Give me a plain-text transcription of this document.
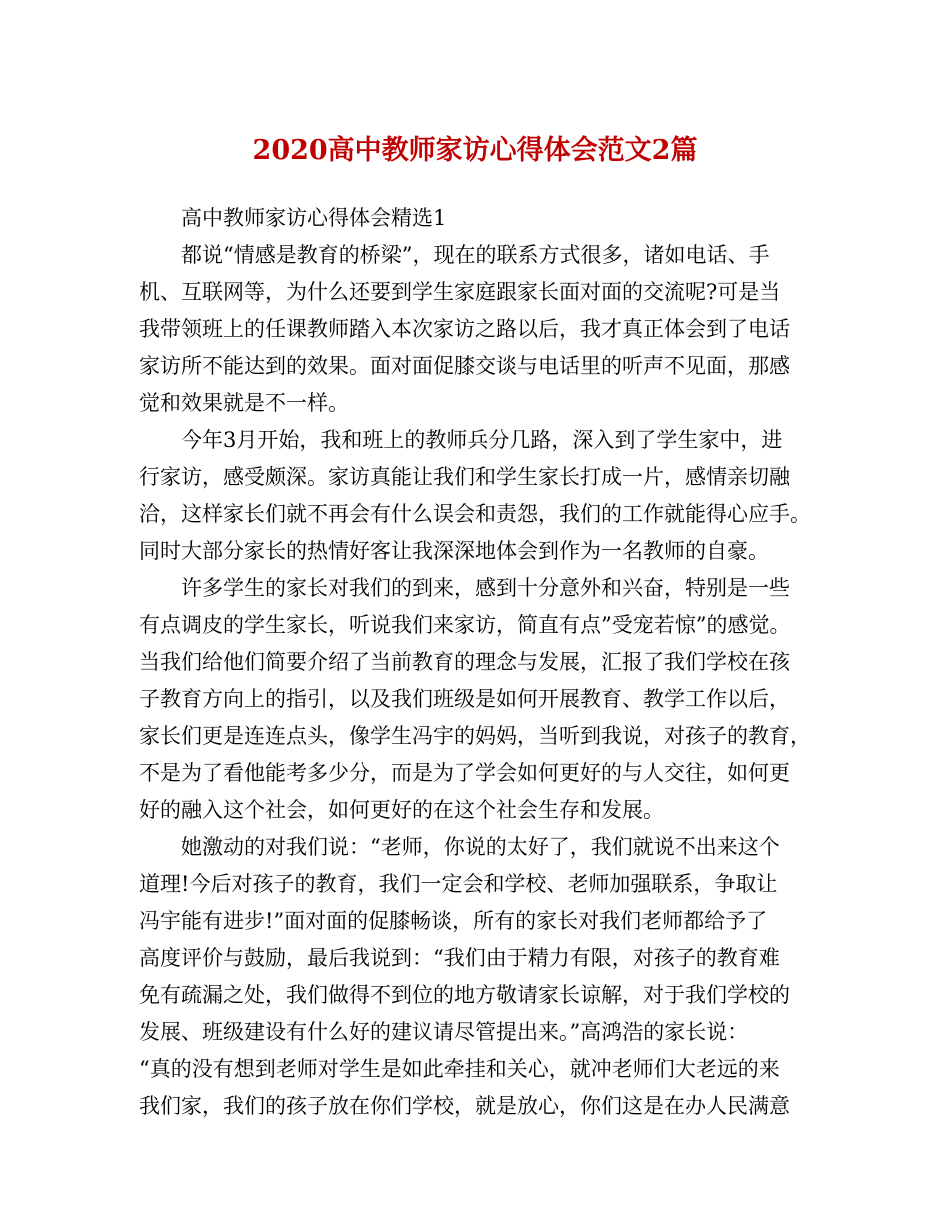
2020高中教师家访心得体会范文2篇
高中教师家访心得体会精选1
都说“情感是教育的桥梁”，现在的联系方式很多，诸如电话、手
机、互联网等，为什么还要到学生家庭跟家长面对面的交流呢?可是当
我带领班上的任课教师踏入本次家访之路以后，我才真正体会到了电话
家访所不能达到的效果。面对面促膝交谈与电话里的听声不见面，那感
觉和效果就是不一样。
今年3月开始，我和班上的教师兵分几路，深入到了学生家中，进
行家访，感受颇深。家访真能让我们和学生家长打成一片，感情亲切融
洽，这样家长们就不再会有什么误会和责怨，我们的工作就能得心应手。
同时大部分家长的热情好客让我深深地体会到作为一名教师的自豪。
许多学生的家长对我们的到来，感到十分意外和兴奋，特别是一些
有点调皮的学生家长，听说我们来家访，简直有点”受宠若惊”的感觉。
当我们给他们简要介绍了当前教育的理念与发展，汇报了我们学校在孩
子教育方向上的指引，以及我们班级是如何开展教育、教学工作以后，
家长们更是连连点头，像学生冯宇的妈妈，当听到我说，对孩子的教育，
不是为了看他能考多少分，而是为了学会如何更好的与人交往，如何更
好的融入这个社会，如何更好的在这个社会生存和发展。
她激动的对我们说：“老师，你说的太好了，我们就说不出来这个
道理!今后对孩子的教育，我们一定会和学校、老师加强联系，争取让
冯宇能有进步!”面对面的促膝畅谈，所有的家长对我们老师都给予了
高度评价与鼓励，最后我说到：“我们由于精力有限，对孩子的教育难
免有疏漏之处，我们做得不到位的地方敬请家长谅解，对于我们学校的
发展、班级建设有什么好的建议请尽管提出来。”高鸿浩的家长说：
“真的没有想到老师对学生是如此牵挂和关心，就冲老师们大老远的来
我们家，我们的孩子放在你们学校，就是放心，你们这是在办人民满意
